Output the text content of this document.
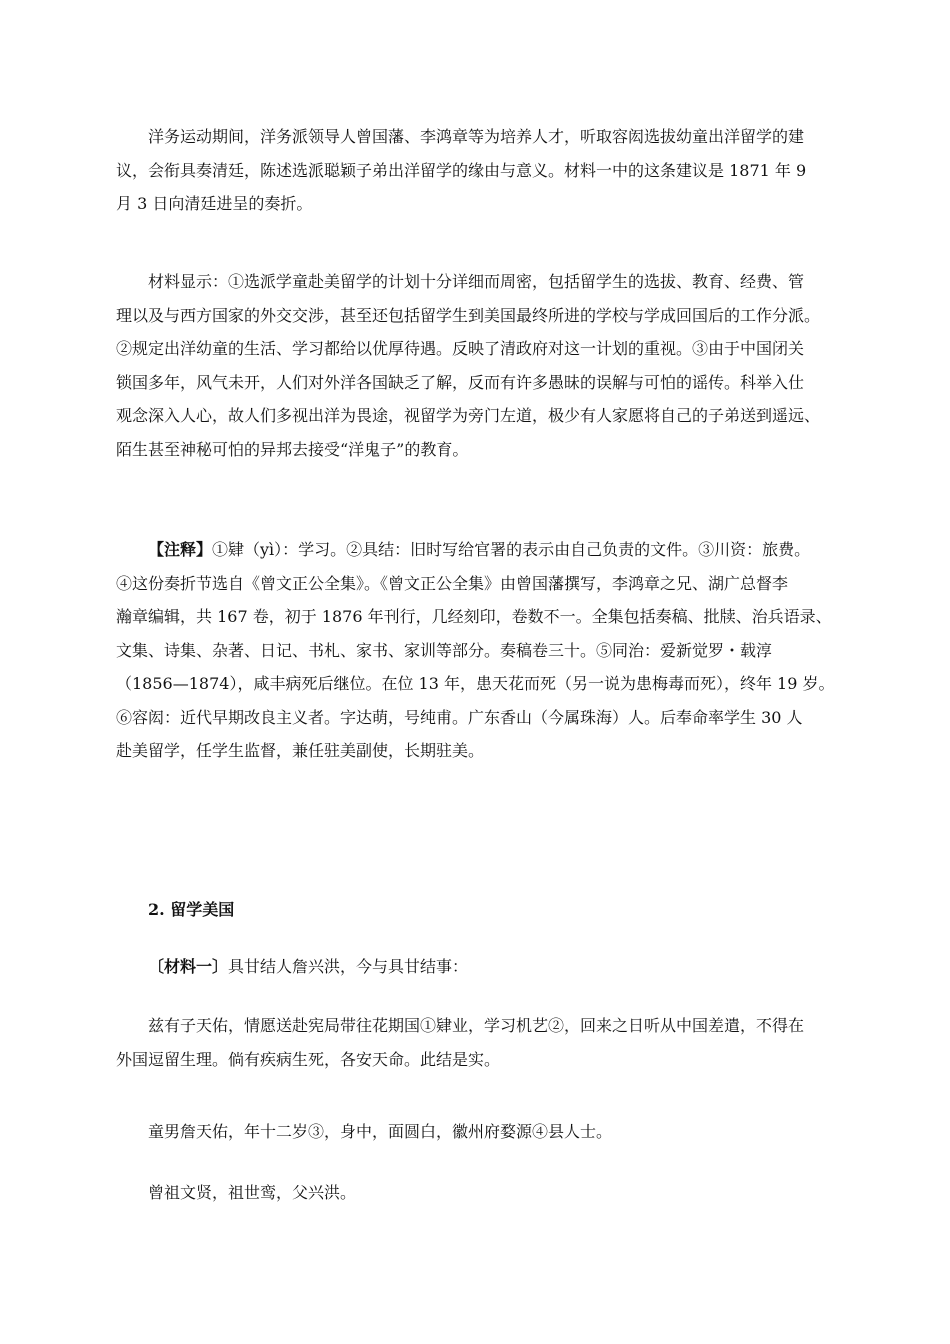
洋务运动期间，洋务派领导人曾国藩、李鸿章等为培养人才，听取容闳选拔幼童出洋留学的建
议，会衔具奏清廷，陈述选派聪颖子弟出洋留学的缘由与意义。材料一中的这条建议是 1871 年 9
月 3 日向清廷进呈的奏折。
材料显示：①选派学童赴美留学的计划十分详细而周密，包括留学生的选拔、教育、经费、管
理以及与西方国家的外交交涉，甚至还包括留学生到美国最终所进的学校与学成回国后的工作分派。
②规定出洋幼童的生活、学习都给以优厚待遇。反映了清政府对这一计划的重视。③由于中国闭关
锁国多年，风气未开，人们对外洋各国缺乏了解，反而有许多愚昧的误解与可怕的谣传。科举入仕
观念深入人心，故人们多视出洋为畏途，视留学为旁门左道，极少有人家愿将自己的子弟送到遥远、
陌生甚至神秘可怕的异邦去接受“洋鬼子”的教育。
【注释】①肄（yì）：学习。②具结：旧时写给官署的表示由自己负责的文件。③川资：旅费。
④这份奏折节选自《曾文正公全集》。《曾文正公全集》由曾国藩撰写，李鸿章之兄、湖广总督李
瀚章编辑，共 167 卷，初于 1876 年刊行，几经刻印，卷数不一。全集包括奏稿、批牍、治兵语录、
文集、诗集、杂著、日记、书札、家书、家训等部分。奏稿卷三十。⑤同治：爱新觉罗・载淳
（1856—1874），咸丰病死后继位。在位 13 年，患天花而死（另一说为患梅毒而死），终年 19 岁。
⑥容闳：近代早期改良主义者。字达萌，号纯甫。广东香山（今属珠海）人。后奉命率学生 30 人
赴美留学，任学生监督，兼任驻美副使，长期驻美。
2. 留学美国
〔材料一〕具甘结人詹兴洪，今与具甘结事：
兹有子天佑，情愿送赴宪局带往花期国①肄业，学习机艺②，回来之日听从中国差遣，不得在
外国逗留生理。倘有疾病生死，各安天命。此结是实。
童男詹天佑，年十二岁③，身中，面圆白，徽州府婺源④县人士。
曾祖文贤，祖世鸾，父兴洪。
